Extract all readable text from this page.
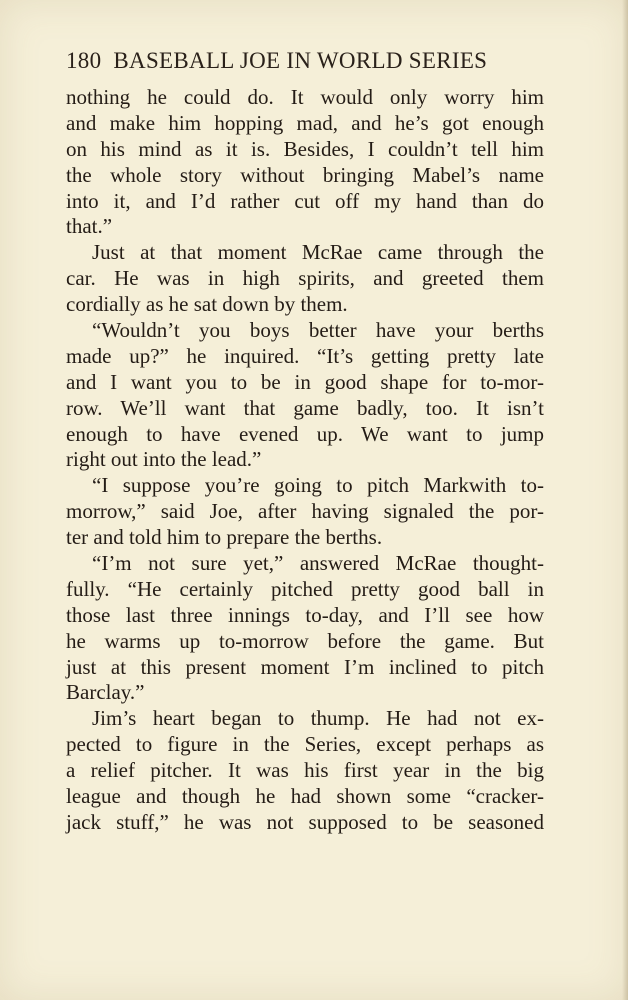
180 BASEBALL JOE IN WORLD SERIES
nothing he could do. It would only worry him
and make him hopping mad, and he’s got enough
on his mind as it is. Besides, I couldn’t tell him
the whole story without bringing Mabel’s name
into it, and I’d rather cut off my hand than do
that.”
Just at that moment McRae came through the
car. He was in high spirits, and greeted them
cordially as he sat down by them.
“Wouldn’t you boys better have your berths
made up?” he inquired. “It’s getting pretty late
and I want you to be in good shape for to-mor-
row. We’ll want that game badly, too. It isn’t
enough to have evened up. We want to jump
right out into the lead.”
“I suppose you’re going to pitch Markwith to-
morrow,” said Joe, after having signaled the por-
ter and told him to prepare the berths.
“I’m not sure yet,” answered McRae thought-
fully. “He certainly pitched pretty good ball in
those last three innings to-day, and I’ll see how
he warms up to-morrow before the game. But
just at this present moment I’m inclined to pitch
Barclay.”
Jim’s heart began to thump. He had not ex-
pected to figure in the Series, except perhaps as
a relief pitcher. It was his first year in the big
league and though he had shown some “cracker-
jack stuff,” he was not supposed to be seasoned
